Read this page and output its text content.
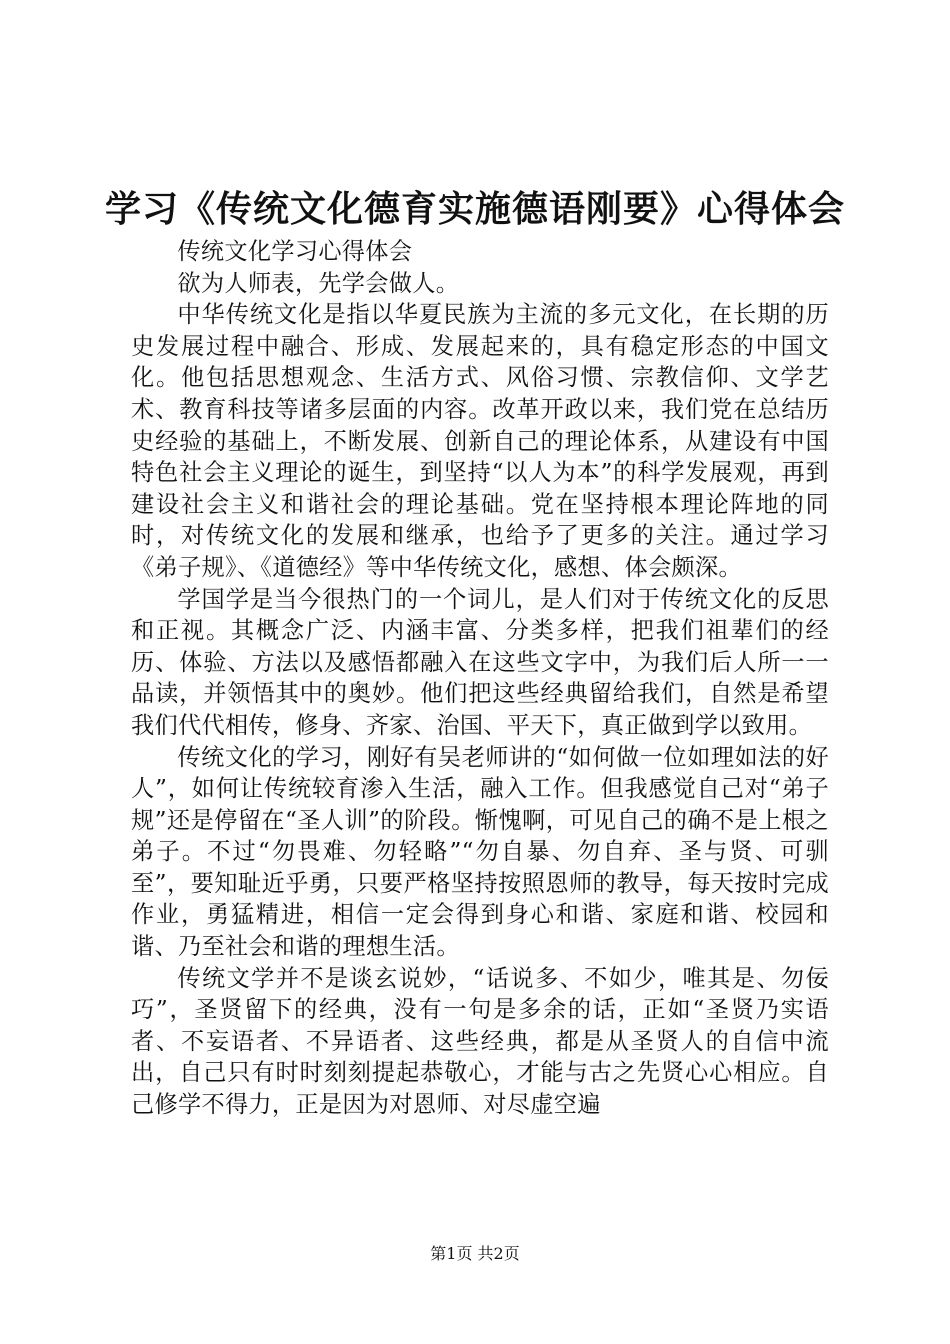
学习《传统文化德育实施德语刚要》心得体会

传统文化学习心得体会

欲为人师表，先学会做人。

中华传统文化是指以华夏民族为主流的多元文化，在长期的历史发展过程中融合、形成、发展起来的，具有稳定形态的中国文化。他包括思想观念、生活方式、风俗习惯、宗教信仰、文学艺术、教育科技等诸多层面的内容。改革开政以来，我们党在总结历史经验的基础上，不断发展、创新自己的理论体系，从建设有中国特色社会主义理论的诞生，到坚持“以人为本”的科学发展观，再到建设社会主义和谐社会的理论基础。党在坚持根本理论阵地的同时，对传统文化的发展和继承，也给予了更多的关注。通过学习《弟子规》、《道德经》等中华传统文化，感想、体会颇深。

学国学是当今很热门的一个词儿，是人们对于传统文化的反思和正视。其概念广泛、内涵丰富、分类多样，把我们祖辈们的经历、体验、方法以及感悟都融入在这些文字中，为我们后人所一一品读，并领悟其中的奥妙。他们把这些经典留给我们，自然是希望我们代代相传，修身、齐家、治国、平天下，真正做到学以致用。

传统文化的学习，刚好有吴老师讲的“如何做一位如理如法的好人”，如何让传统较育渗入生活，融入工作。但我感觉自己对“弟子规”还是停留在“圣人训”的阶段。惭愧啊，可见自己的确不是上根之弟子。不过“勿畏难、勿轻略”“勿自暴、勿自弃、圣与贤、可驯至”，要知耻近乎勇，只要严格坚持按照恩师的教导，每天按时完成作业，勇猛精进，相信一定会得到身心和谐、家庭和谐、校园和谐、乃至社会和谐的理想生活。

传统文学并不是谈玄说妙，“话说多、不如少，唯其是、勿佞巧”，圣贤留下的经典，没有一句是多余的话，正如“圣贤乃实语者、不妄语者、不异语者、这些经典，都是从圣贤人的自信中流出，自己只有时时刻刻提起恭敬心，才能与古之先贤心心相应。自己修学不得力，正是因为对恩师、对尽虚空遍

第1页 共2页
